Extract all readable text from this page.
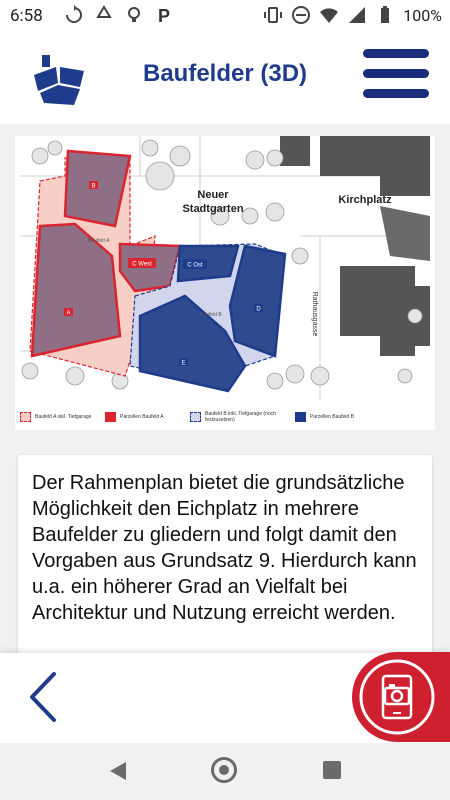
6:58	P	100%
Baufelder (3D)
Neuer
Stadtgarten
Kirchplatz
Rathausgasse
Baufeld A
Baufeld B
B
A
C West	C Ost
D
E
Baufeld A inkl. Tiefgarage	Parzellen Baufeld A	Baufeld B inkl. Tiefgarage (noch festzusetzen)	Parzellen Baufeld B

Der Rahmenplan bietet die grundsätzliche Möglichkeit den Eichplatz in mehrere Baufelder zu gliedern und folgt damit den Vorgaben aus Grundsatz 9. Hierdurch kann u.a. ein höherer Grad an Vielfalt bei Architektur und Nutzung erreicht werden.
